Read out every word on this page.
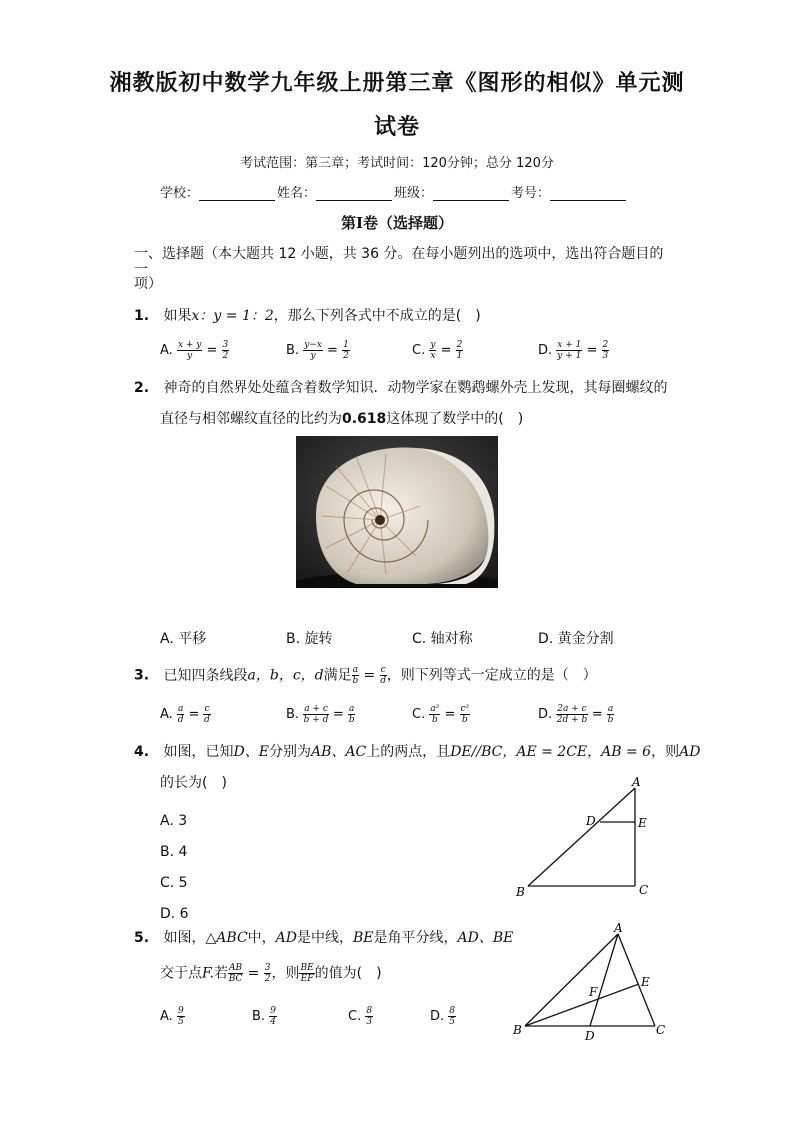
湘教版初中数学九年级上册第三章《图形的相似》单元测
试卷
考试范围：第三章；考试时间：120分钟；总分 120分
学校：	姓名：	班级：	考号：
第Ⅰ卷（选择题）
一、选择题（本大题共 12 小题，共 36 分。在每小题列出的选项中，选出符合题目的一
项）
1. 如果x：y = 1：2，那么下列各式中不成立的是(　)
A. $\frac{x + y}{y} = \frac{3}{2}$	B. $\frac{y-x}{y} = \frac{1}{2}$	C. $\frac{y}{x} = \frac{2}{1}$	D. $\frac{x + 1}{y + 1} = \frac{2}{3}$
2. 神奇的自然界处处蕴含着数学知识．动物学家在鹦鹉螺外壳上发现，其每圈螺纹的
直径与相邻螺纹直径的比约为0.618这体现了数学中的(　)
A. 平移	B. 旋转	C. 轴对称	D. 黄金分割
3. 已知四条线段a，b，c，d满足 $\frac{a}{b} = \frac{c}{d}$ ，则下列等式一定成立的是（　）
A. $\frac{a}{d} = \frac{c}{d}$	B. $\frac{a + c}{b + d} = \frac{a}{b}$	C. $\frac{\text{a²}}{b} = \frac{\text{c²}}{b}$	D. $\frac{2a + c}{2d + b} = \frac{a}{b}$
4. 如图，已知D、E分别为AB、AC上的两点，且DE//BC，AE = 2CE，AB = 6，则AD
的长为(　)
A. 3
B. 4
C. 5
D. 6
A
B	C
D	E
5. 如图，△ABC中，AD是中线，BE是角平分线，AD、BE
交于点F.若 $\frac{AB}{BC} = \frac{3}{2}$ ，则 $\frac{BE}{EF}$ 的值为(　)
A. $\frac{9}{5}$	B. $\frac{9}{4}$	C. $\frac{8}{3}$	D. $\frac{8}{5}$
A
B	C
D
E
F
